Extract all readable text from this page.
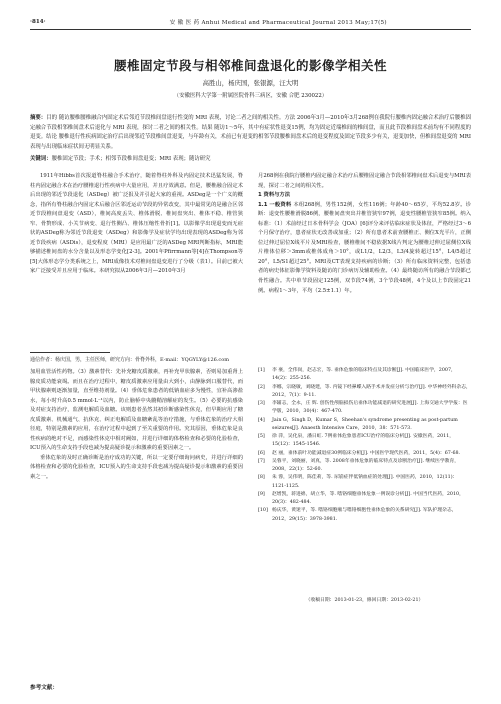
·814·	安 徽 医 药 Anhui Medical and Pharmaceutical Journal 2013 May;17(5)
腰椎固定节段与相邻椎间盘退化的影像学相关性
高胜山，杨庆国，张银源，汪大明
（安徽医科大学第一附属医院骨科三病区，安徽 合肥 230022）
摘要：目的 随访腰椎腰椎融合内固定术后邻近节段椎间盘退行性变的 MRI 表现，讨论二者之间的相关性。方法 2006年3月—2010年3月268例在我院行腰椎内固定融合术治疗后腰椎固定融合节段相邻椎间盘术后退化与 MRI 表现，探讨二者之间的相关性。结果 随访1～5年，其中有症状性退变15例，均为固定近端椎间的椎间盘，而且此节段椎间盘术前均有不同程度的退变。结论 腰椎退行性疾病固定治疗后出现邻近节段椎间盘退变，与年龄有关，术前已有退变的相邻节段腰椎间盘术后的退变程度及固定节段多少有关，退变加快，但椎间盘退变的 MRI 表现与出现临床症状间无明显关系。
关键词：腰椎固定节段；手术；相邻节段椎间盘退变；MRI 表现；随访研究

1911年Hibbs首次报道脊柱融合手术治疗，随着脊柱外科及内固定技术迅猛发展，脊柱内固定融合术在治疗腰椎退行性疾病中大量应用，并且疗效满意。但是，腰椎融合固定术后出现的邻近节段退化（ASDeg）被广泛报及并引起大家的重视。ASDeg是一个广义的概念，指所有脊柱融合内固定术后融合区邻近运动节段的异常改变，其中最常见的是融合区邻近节段椎间盘退变（ASD），椎间高度丢失、椎体滑脱、椎间盘突出、椎体不稳、椎管狭窄、骨赘形成、小关节病变、退行性侧凸、椎体压缩性骨折[1]。以影像学出现退变而无症状的ASDeg称为邻近节段退变（ASDeg）和影像学及症状学均出现表现的ASDeg称为邻近节段疾病（ASDis），退变程度（MRI）是应用最广泛的ASDeg MRI判断指标，MRI能够描述椎间盘的水分含量以及形态学变化[2-3]。2001年Pfirrmann等[4]在Thompson等[5]大体形态学分类系统之上，MRI成像技术对椎间盘退变进行了分级（表1）。目前已被大家广泛接受并且应用于临床。本研究拟从2006年3月—2010年3月

通信作者：杨庆国，男，主任医师，研究方向：骨脊外科，E-mail：YQGYLY@126.com

月268例在我院行腰椎内固定融合术治疗后腰椎固定融合节段相邻椎间盘术后退变与MRI表现，探讨二者之间的相关性。

1 资料与方法

1.1 一般资料 本组268例，男性152例，女性116例；年龄40～65岁，平均52.8岁。诊断：退变性腰椎滑脱86例，腰椎间盘突出并椎管狭窄97例，退变性腰椎管狭窄85例。纳入标准：（1）术前经过日本骨科学会（JOA）[6]评分来评估临床症状及体征，严格经过3～6个月保守治疗，患者症状无改善或加重；（2）所有患者术前查腰椎正、侧位X光平片，正侧位过伸过屈位X线平片及MRI检查，腰椎椎间不稳依据X线片判定为腰椎过伸过屈侧位X线片椎体位移＞3mm或椎体成角＞10°，或L1/2，L2/3，L3/4旋转超过15°，L4/5超过20°，L5/S1超过25°。MRI及CT表现支持疾病的诊断；（3）所有临床资料完整，包括患者的病史体征影像学资料及随访的门诊病历及辅助检查。（4）最终随访所有的融合节段都已骨性融合。共中单节段固定125例，双节段74例，3个节段48例，4个及以上节段固定21例。病程1～3年，平均（2.5±1.1）年。

加用血管活性药物。（3）激素替代：先补充糖皮质激素，再补充甲状腺素，否则易加重肾上腺皮质功能衰竭。而且在治疗过程中，糖皮质激素应用量由大到小，由静脉到口服替代，而甲状腺素则逐渐加量，直至维持剂量。（4）垂体危象患者的低钠血症多为慢性，宜补高渗盐水，每小时升高0.5 mmol·L⁻¹以内，防止脑桥中央髓鞘溶解症的发生。（5）必要的抗感染及对症支持治疗，监测电解质及血糖。该则患者虽然其初诊断感染性休克，但早期应用了糖皮质激素、机械通气、抗休克、纠正电解质及血糖紊乱等治疗措施，与垂体危象的治疗大相径庭，特别是激素的应用，在治疗过程中起到了至关重要的作用。究其原因，垂体危象是良性疾病的绝对不足，而感染性休克中相对阙如，并进行详细的体格检查和必要的化验检查，ICU预入的生命支持手段也减为提高疑诊提示和激素的重要因素之一。

垂体危象的及时正确诊断是治疗成功的关键，所以一定要仔细询问病史，并进行详细的体格检查和必要的化验检查，ICU预入的生命支持手段也减为提高疑诊提示和激素的重要因素之一。

参考文献：
[1]	李 豪，全伟岗，赵志宏，等. 垂体危象的临床特点及其诊断[J]. 中国临床医学，2007，14(2)：255-256.
[2]	李娜，宗晓敏，刘晓建，等. 内镜下经鼻蝶入路手术并发症分析与治疗[J]. 中华神经外科杂志，2012，7(1)：9-11.
[3]	李辅志，全永，庄 辉. 创伤性颅脑损伤后垂体功能减退的研究进展[J]. 上海交通大学学报：医学版，2010，30(4)：467-470.
[4]	Jain G，Singh D，Kumar S，Sheehan's syndrome presenting as post-partum seizures[J]. Anaesth Intensive Care，2010，38：571-573.
[5]	徐 萍，吴化泉，潘日虹. 7例垂体危象患者ICU治疗的临床分析[J]. 安徽医药，2011，15(12)：1545-1546.
[6]	赵 丽，垂体前叶功能减退症30例临床分析[J]. 中国医学现代医药，2011，5(4)：67-68.
[7]	吴蓉平，刘晓丽，刘真，等. 2008年垂体危象的临床特点及诊断治疗[J]. 继续医学教育，2008，22(1)：52-60.
[8]	朱 蓉，吴伟明，陈佳莉，等. 尿崩症伴低钠血症的处理[J]. 中国医药，2010，12(11)：1121-1125.
[9]	赵增凯，蒋进绵，胡立华，等. 嗜铬细胞垂体危象一例误诊分析[J]. 中国当代医药，2010，20(3)：482-484.
[10] 杨庆华，黄迷平，等. 嗜铬细胞瘤与嗜铬细胞性垂体危象的关系研究[J]. 军队护理杂志，2012，29(15)：3978-3981.
（收稿日期：2013-01-23，修回日期：2013-02-21）
